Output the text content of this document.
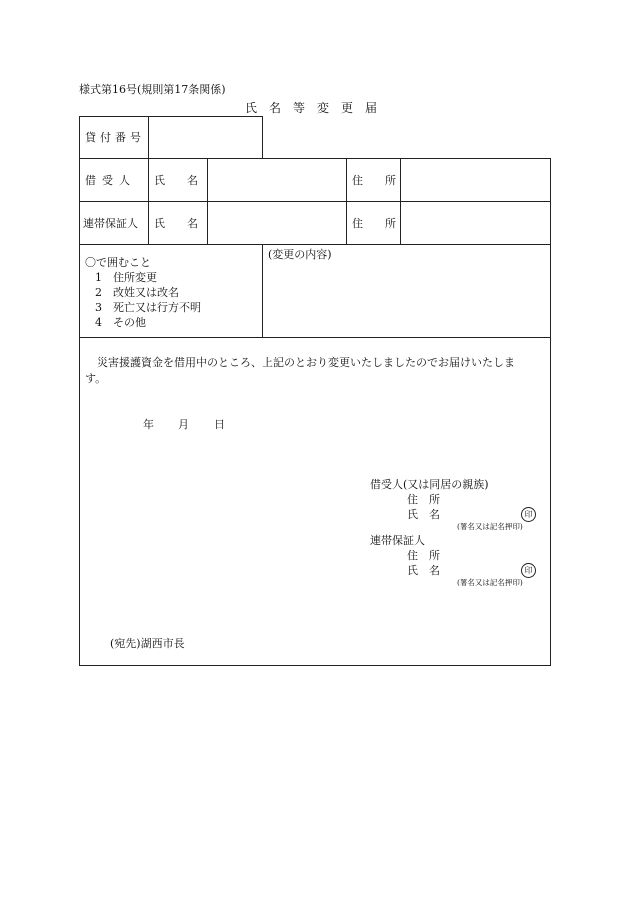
様式第16号(規則第17条関係)
氏　名　等　変　更　届
貸付番号
借受人 氏　　名	住　　所
連帯保証人 氏　　名	住　　所
〇で囲むこと
1　住所変更
2　改姓又は改名
3　死亡又は行方不明
4　その他
(変更の内容)
災害援護資金を借用中のところ、上記のとおり変更いたしましたのでお届けいたしま
す。
年 月 日
借受人(又は同居の親族)
住　所
氏　名	印
(署名又は記名押印)
連帯保証人
住　所
氏　名	印
(署名又は記名押印)
(宛先)湖西市長
